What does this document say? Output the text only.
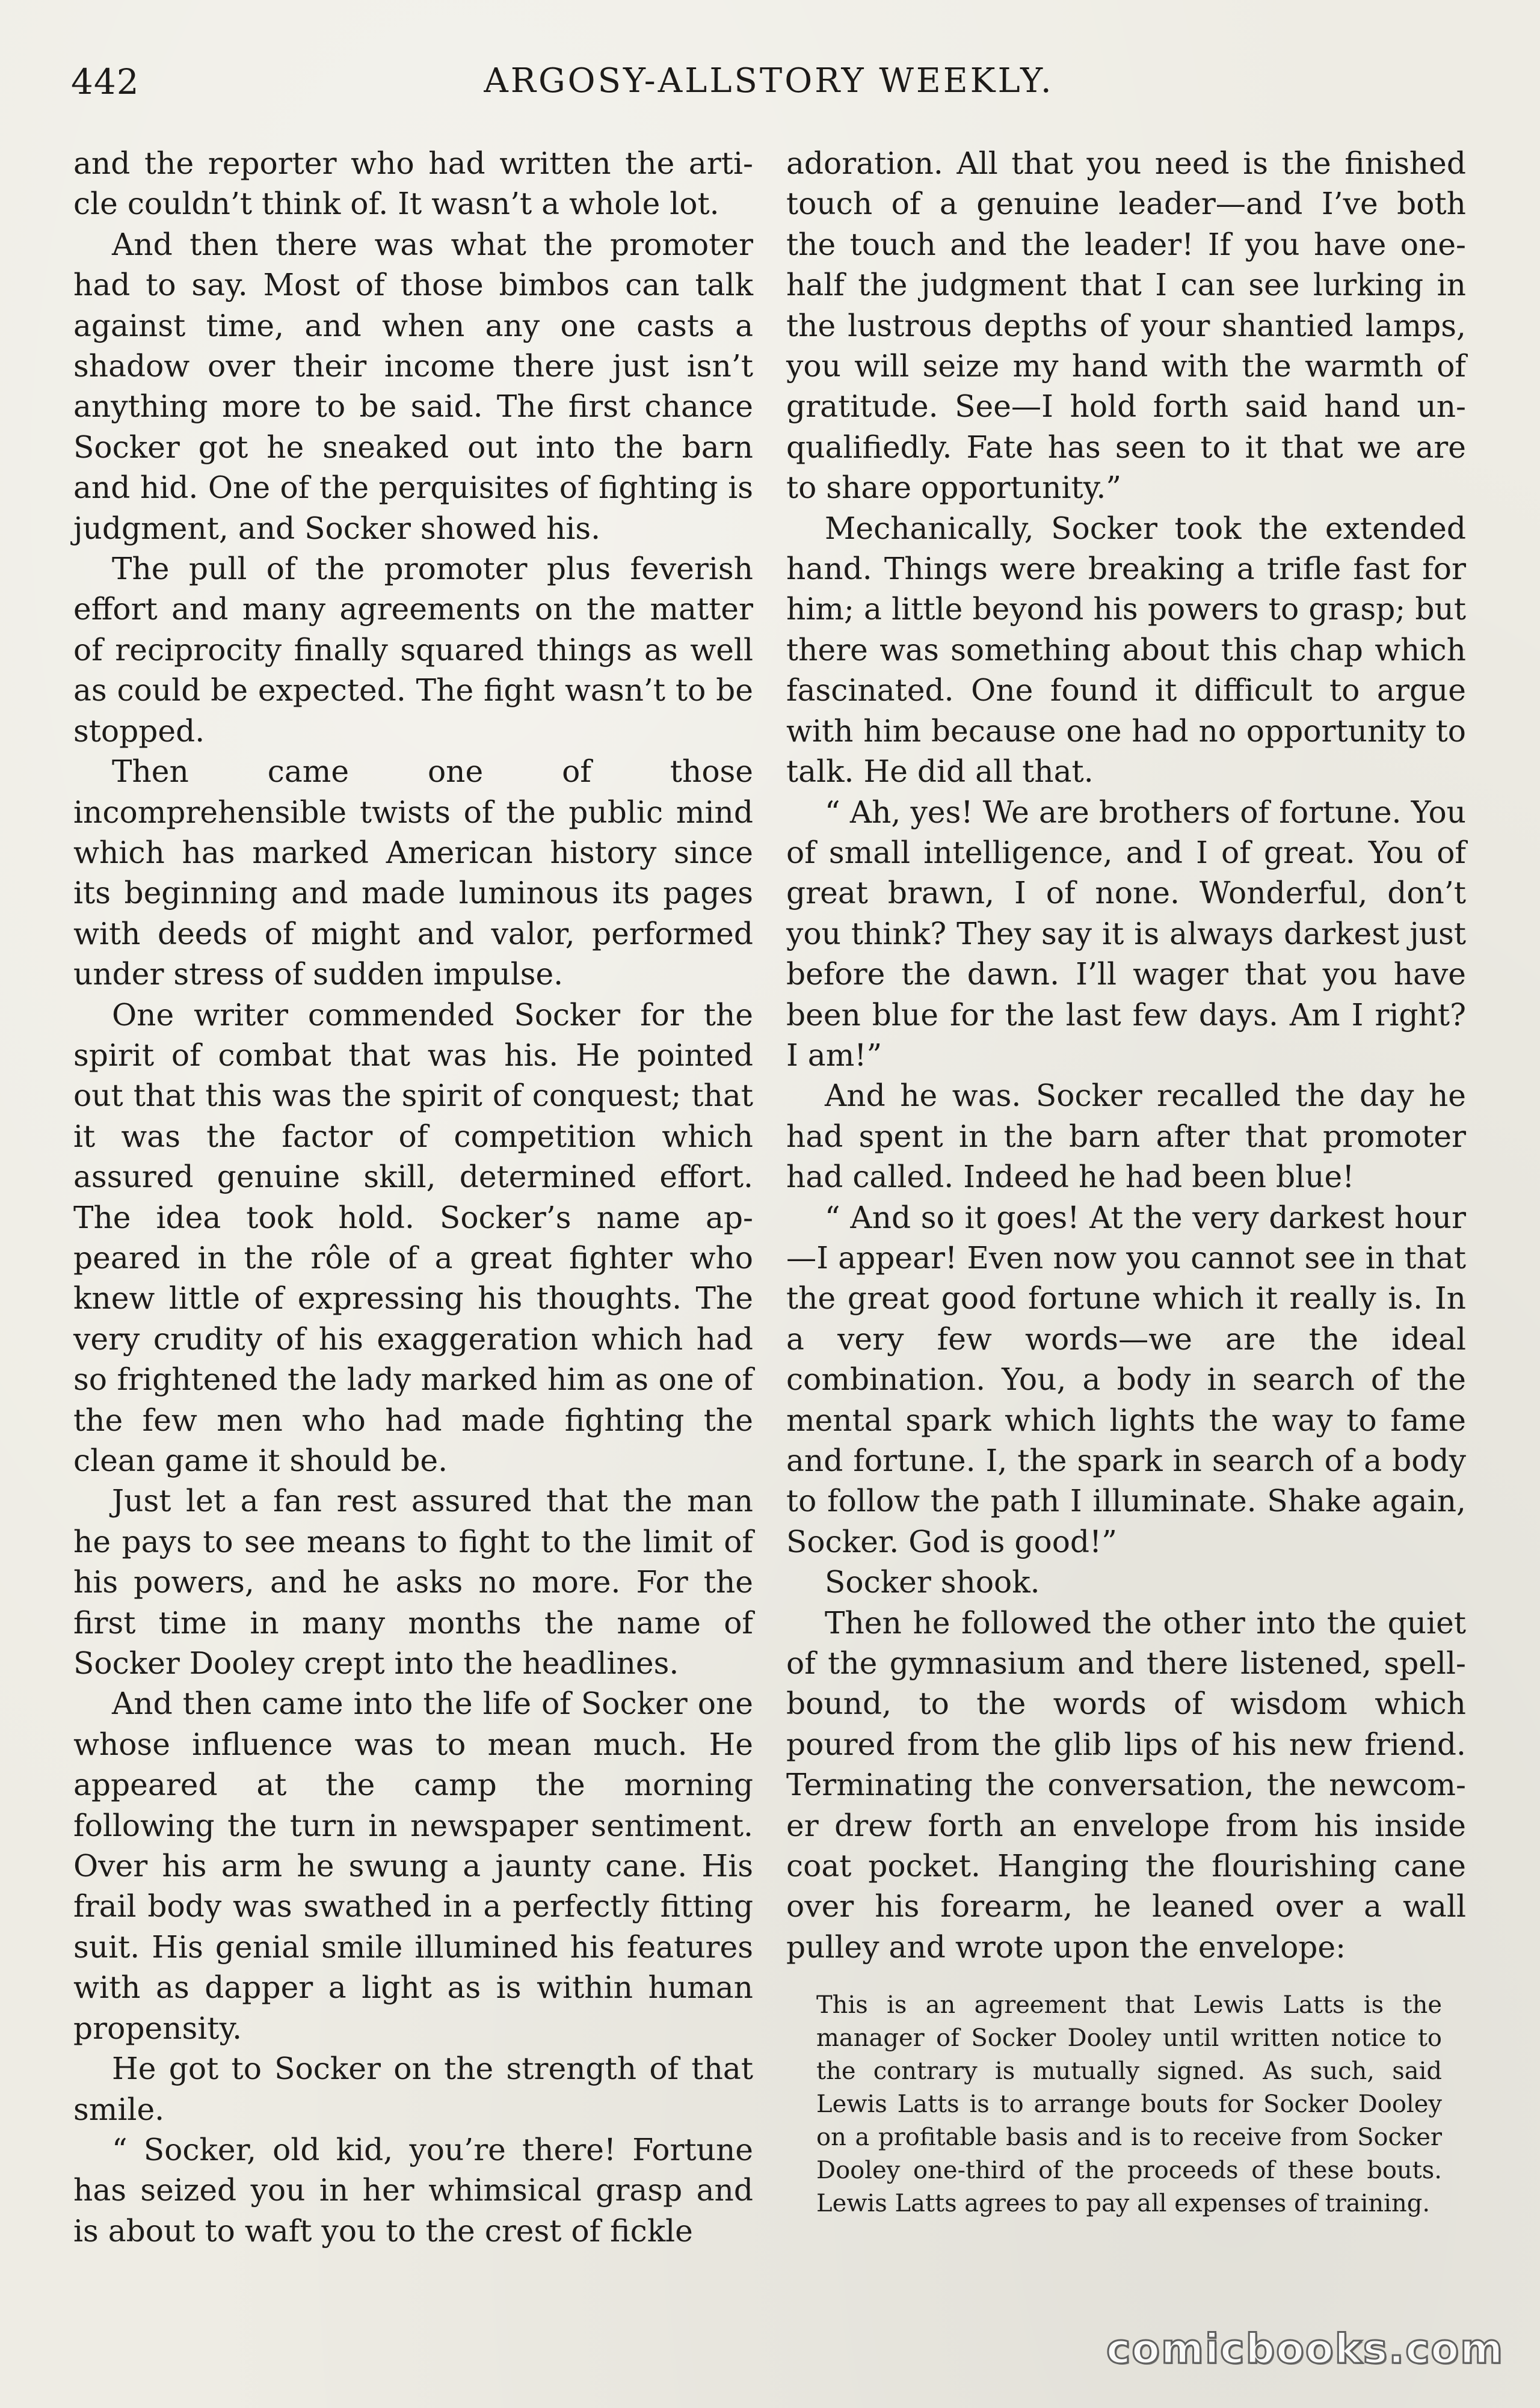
442	ARGOSY-ALLSTORY WEEKLY.

and the reporter who had written the article couldn’t think of. It wasn’t a whole lot.

And then there was what the promoter had to say. Most of those bimbos can talk against time, and when any one casts a shadow over their income there just isn’t anything more to be said. The first chance Socker got he sneaked out into the barn and hid. One of the perquisites of fighting is judgment, and Socker showed his.

The pull of the promoter plus feverish effort and many agreements on the matter of reciprocity finally squared things as well as could be expected. The fight wasn’t to be stopped.

Then came one of those incomprehensible twists of the public mind which has marked American history since its beginning and made luminous its pages with deeds of might and valor, performed under stress of sudden impulse.

One writer commended Socker for the spirit of combat that was his. He pointed out that this was the spirit of conquest; that it was the factor of competition which assured genuine skill, determined effort. The idea took hold. Socker’s name appeared in the rôle of a great fighter who knew little of expressing his thoughts. The very crudity of his exaggeration which had so frightened the lady marked him as one of the few men who had made fighting the clean game it should be.

Just let a fan rest assured that the man he pays to see means to fight to the limit of his powers, and he asks no more. For the first time in many months the name of Socker Dooley crept into the headlines.

And then came into the life of Socker one whose influence was to mean much. He appeared at the camp the morning following the turn in newspaper sentiment. Over his arm he swung a jaunty cane. His frail body was swathed in a perfectly fitting suit. His genial smile illumined his features with as dapper a light as is within human propensity.

He got to Socker on the strength of that smile.

“ Socker, old kid, you’re there! Fortune has seized you in her whimsical grasp and is about to waft you to the crest of fickle

adoration. All that you need is the finished touch of a genuine leader—and I’ve both the touch and the leader! If you have one-half the judgment that I can see lurking in the lustrous depths of your shantied lamps, you will seize my hand with the warmth of gratitude. See—I hold forth said hand unqualifiedly. Fate has seen to it that we are to share opportunity.”

Mechanically, Socker took the extended hand. Things were breaking a trifle fast for him; a little beyond his powers to grasp; but there was something about this chap which fascinated. One found it difficult to argue with him because one had no opportunity to talk. He did all that.

“ Ah, yes! We are brothers of fortune. You of small intelligence, and I of great. You of great brawn, I of none. Wonderful, don’t you think? They say it is always darkest just before the dawn. I’ll wager that you have been blue for the last few days. Am I right? I am!”

And he was. Socker recalled the day he had spent in the barn after that promoter had called. Indeed he had been blue!

“ And so it goes! At the very darkest hour—I appear! Even now you cannot see in that the great good fortune which it really is. In a very few words—we are the ideal combination. You, a body in search of the mental spark which lights the way to fame and fortune. I, the spark in search of a body to follow the path I illuminate. Shake again, Socker. God is good!”

Socker shook.

Then he followed the other into the quiet of the gymnasium and there listened, spellbound, to the words of wisdom which poured from the glib lips of his new friend. Terminating the conversation, the newcomer drew forth an envelope from his inside coat pocket. Hanging the flourishing cane over his forearm, he leaned over a wall pulley and wrote upon the envelope:

This is an agreement that Lewis Latts is the manager of Socker Dooley until written notice to the contrary is mutually signed. As such, said Lewis Latts is to arrange bouts for Socker Dooley on a profitable basis and is to receive from Socker Dooley one-third of the proceeds of these bouts. Lewis Latts agrees to pay all expenses of training.
comicbooks.com
